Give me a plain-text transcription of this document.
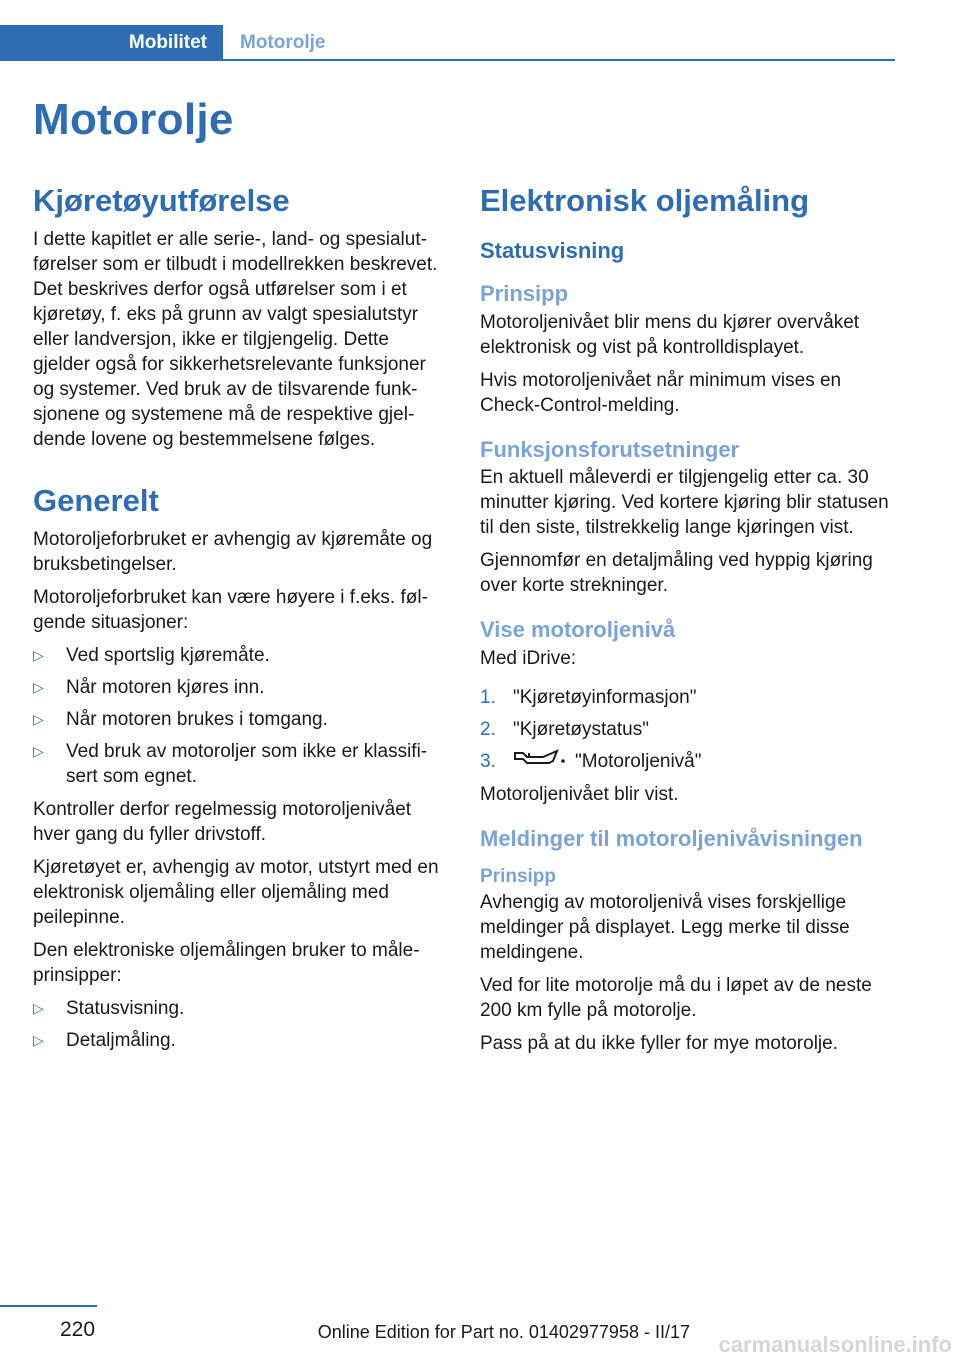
Mobilitet Motorolje
Motorolje
Kjøretøyutførelse

I dette kapitlet er alle serie-, land- og spesialutførelser som er tilbudt i modellrekken beskrevet. Det beskrives derfor også utførelser som i et kjøretøy, f. eks på grunn av valgt spesialutstyr eller landversjon, ikke er tilgjengelig. Dette gjelder også for sikkerhetsrelevante funksjoner og systemer. Ved bruk av de tilsvarende funksjonene og systemene må de respektive gjeldende lovene og bestemmelsene følges.

Generelt

Motoroljeforbruket er avhengig av kjøremåte og bruksbetingelser.

Motoroljeforbruket kan være høyere i f.eks. følgende situasjoner:

▷ Ved sportslig kjøremåte.
▷ Når motoren kjøres inn.
▷ Når motoren brukes i tomgang.
▷ Ved bruk av motoroljer som ikke er klassifisert som egnet.

Kontroller derfor regelmessig motoroljenivået hver gang du fyller drivstoff.

Kjøretøyet er, avhengig av motor, utstyrt med en elektronisk oljemåling eller oljemåling med peilepinne.

Den elektroniske oljemålingen bruker to måleprinsipper:

▷ Statusvisning.
▷ Detaljmåling.
Elektronisk oljemåling
Statusvisning
Prinsipp

Motoroljenivået blir mens du kjører overvåket elektronisk og vist på kontrolldisplayet.

Hvis motoroljenivået når minimum vises en Check-Control-melding.

Funksjonsforutsetninger

En aktuell måleverdi er tilgjengelig etter ca. 30 minutter kjøring. Ved kortere kjøring blir statusen til den siste, tilstrekkelig lange kjøringen vist.

Gjennomfør en detaljmåling ved hyppig kjøring over korte strekninger.

Vise motoroljenivå

Med iDrive:

1. "Kjøretøyinformasjon"
2. "Kjøretøystatus"
3.	"Motoroljenivå"

Motoroljenivået blir vist.

Meldinger til motoroljenivåvisningen
Prinsipp

Avhengig av motoroljenivå vises forskjellige meldinger på displayet. Legg merke til disse meldingene.

Ved for lite motorolje må du i løpet av de neste 200 km fylle på motorolje.

Pass på at du ikke fyller for mye motorolje.

220	Online Edition for Part no. 01402977958 - II/17 carmanualsonline.info
